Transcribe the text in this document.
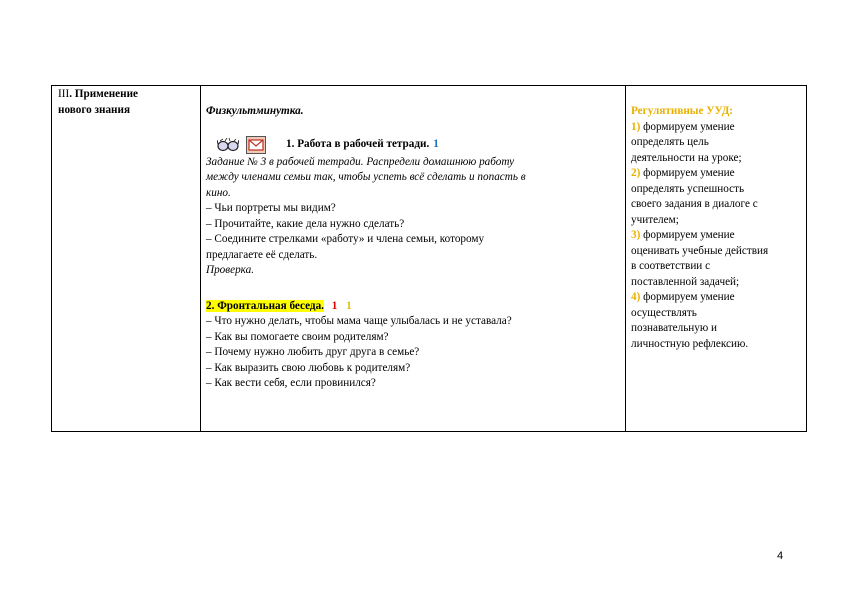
III. Применение
нового знания	Физкультминутка.
1. Работа в рабочей тетради. 1
Задание № 3 в рабочей тетради. Распредели домашнюю работу
между членами семьи так, чтобы успеть всё сделать и попасть в
кино.
– Чьи портреты мы видим?
– Прочитайте, какие дела нужно сделать?
– Соедините стрелками «работу» и члена семьи, которому
предлагаете её сделать.
Проверка.
2. Фронтальная беседа. 1 1
– Что нужно делать, чтобы мама чаще улыбалась и не уставала?
– Как вы помогаете своим родителям?
– Почему нужно любить друг друга в семье?
– Как выразить свою любовь к родителям?
– Как вести себя, если провинился?
Регулятивные УУД:
1) формируем умение
определять цель
деятельности на уроке;
2) формируем умение
определять успешность
своего задания в диалоге с
учителем;
3) формируем умение
оценивать учебные действия
в соответствии с
поставленной задачей;
4) формируем умение
осуществлять
познавательную и
личностную рефлексию.
4
